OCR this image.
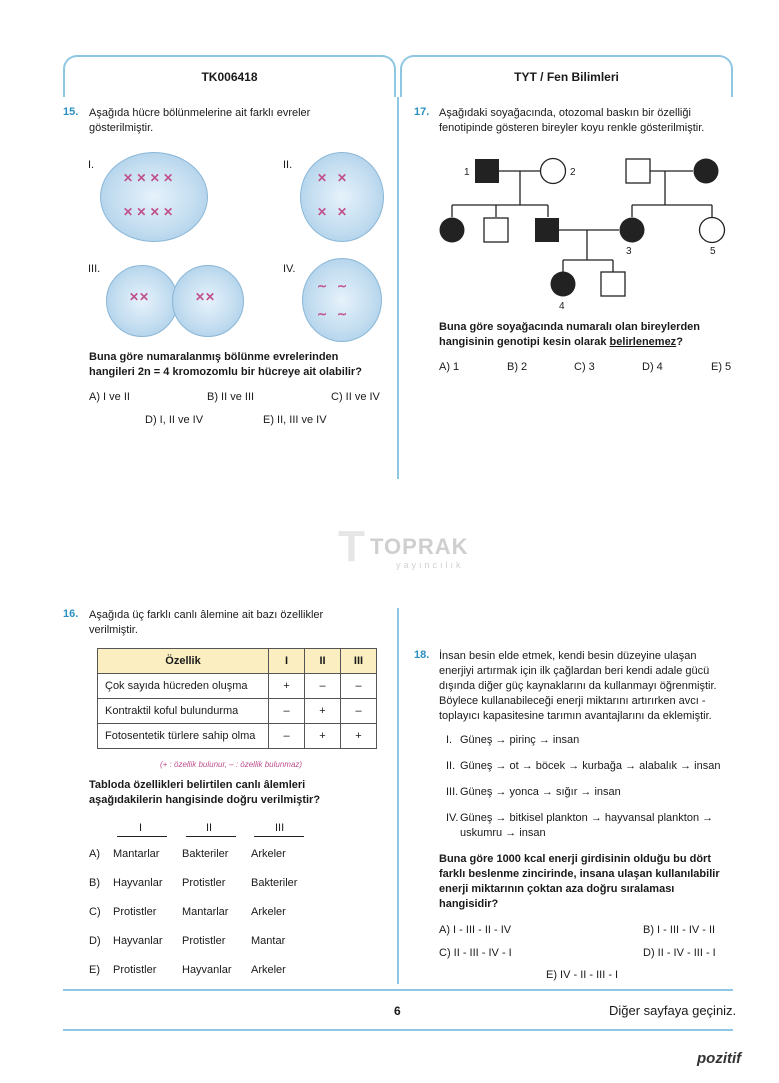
TK006418	TYT / Fen Bilimleri
15. Aşağıda hücre bölünmelerine ait farklı evreler
gösterilmiştir.
I.	II.
III.	IV.
✕ ✕ ✕ ✕
✕ ✕ ✕ ✕
✕   ✕
✕   ✕
✕✕	✕✕
∼   ∼
∼   ∼
Buna göre numaralanmış bölünme evrelerinden
hangileri 2n = 4 kromozomlu bir hücreye ait olabilir?
A) I ve II	B) II ve III	C) II ve IV
D) I, II ve IV	E) II, III ve IV
17. Aşağıdaki soyağacında, otozomal baskın bir özelliği
fenotipinde gösteren bireyler koyu renkle gösterilmiştir.
1	2
3	5
4
Buna göre soyağacında numaralı olan bireylerden
hangisinin genotipi kesin olarak belirlenemez?
A) 1	B) 2	C) 3	D) 4	E) 5
T TOPRAK
yayıncılık
16. Aşağıda üç farklı canlı âlemine ait bazı özellikler
verilmiştir.
Özellik	I	II	III
Çok sayıda hücreden oluşma	+	–	–
Kontraktil koful bulundurma	–	+	–
Fotosentetik türlere sahip olma	–	+	+
(+ : özellik bulunur, – : özellik bulunmaz)
Tabloda özellikleri belirtilen canlı âlemleri
aşağıdakilerin hangisinde doğru verilmiştir?
I	II	III
A) Mantarlar Bakteriler Arkeler
B) Hayvanlar Protistler Bakteriler
C) Protistler Mantarlar Arkeler
D) Hayvanlar Protistler Mantar
E) Protistler Hayvanlar Arkeler
18. İnsan besin elde etmek, kendi besin düzeyine ulaşan
enerjiyi artırmak için ilk çağlardan beri kendi adale gücü
dışında diğer güç kaynaklarını da kullanmayı öğrenmiştir.
Böylece kullanabileceği enerji miktarını artırırken avcı -
toplayıcı kapasitesine tarımın avantajlarını da eklemiştir.
I. Güneş → pirinç → insan
II. Güneş → ot → böcek → kurbağa → alabalık → insan
III. Güneş → yonca → sığır → insan
IV. Güneş → bitkisel plankton → hayvansal plankton →
uskumru → insan
Buna göre 1000 kcal enerji girdisinin olduğu bu dört
farklı beslenme zincirinde, insana ulaşan kullanılabilir
enerji miktarının çoktan aza doğru sıralaması
hangisidir?
A) I - III - II - IV	B) I - III - IV - II
C) II - III - IV - I	D) II - IV - III - I
E) IV - II - III - I
6	Diğer sayfaya geçiniz.
pozitif
